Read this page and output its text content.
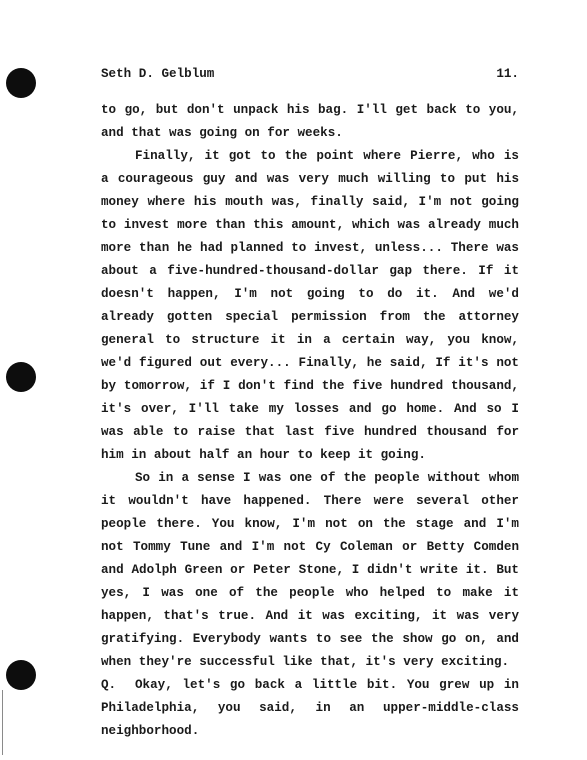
Seth D. Gelblum	11.

to go, but don't unpack his bag. I'll get back to you, and that was going on for weeks.

Finally, it got to the point where Pierre, who is a courageous guy and was very much willing to put his money where his mouth was, finally said, I'm not going to invest more than this amount, which was already much more than he had planned to invest, unless... There was about a five-hundred-thousand-dollar gap there. If it doesn't happen, I'm not going to do it. And we'd already gotten special permission from the attorney general to structure it in a certain way, you know, we'd figured out every... Finally, he said, If it's not by tomorrow, if I don't find the five hundred thousand, it's over, I'll take my losses and go home. And so I was able to raise that last five hundred thousand for him in about half an hour to keep it going.

So in a sense I was one of the people without whom it wouldn't have happened. There were several other people there. You know, I'm not on the stage and I'm not Tommy Tune and I'm not Cy Coleman or Betty Comden and Adolph Green or Peter Stone, I didn't write it. But yes, I was one of the people who helped to make it happen, that's true. And it was exciting, it was very gratifying. Everybody wants to see the show go on, and when they're successful like that, it's very exciting.

Q. Okay, let's go back a little bit. You grew up in Philadelphia, you said, in an upper-middle-class neighborhood.
